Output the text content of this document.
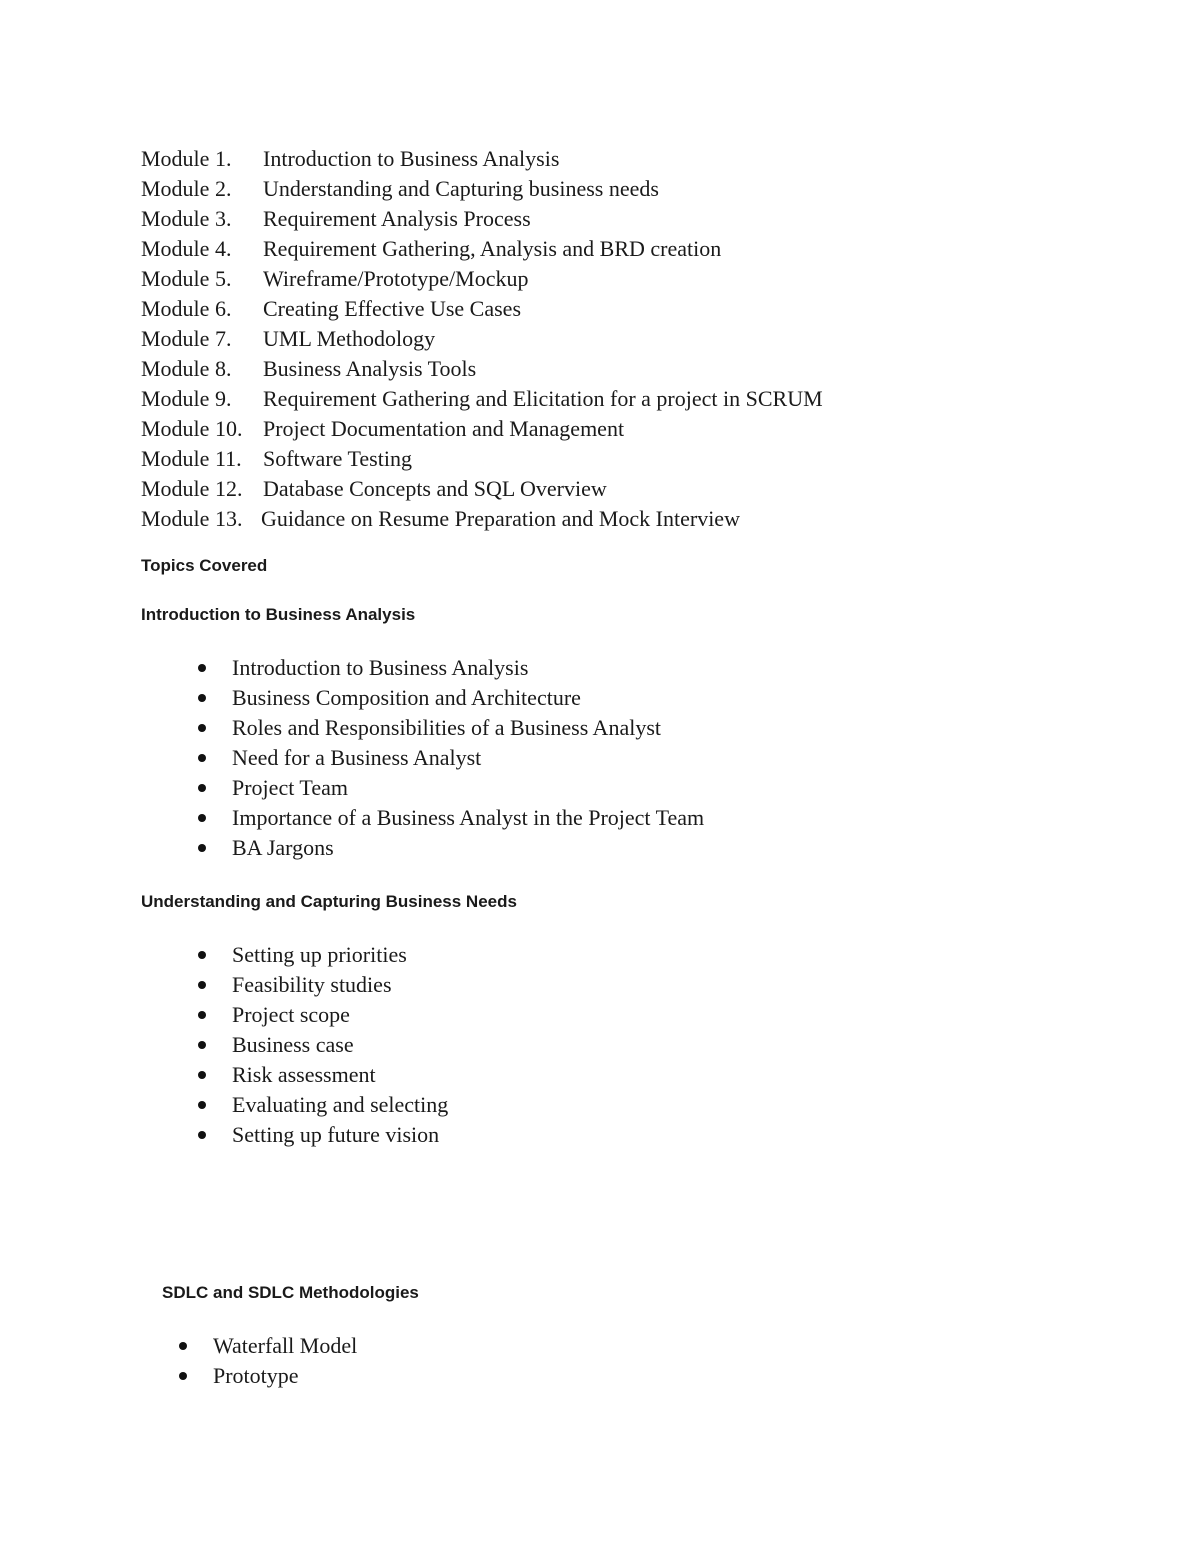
Module 1.	Introduction to Business Analysis
Module 2.	Understanding and Capturing business needs
Module 3.	Requirement Analysis Process
Module 4.	Requirement Gathering, Analysis and BRD creation
Module 5.	Wireframe/Prototype/Mockup
Module 6.	Creating Effective Use Cases
Module 7.	UML Methodology
Module 8.	Business Analysis Tools
Module 9.	Requirement Gathering and Elicitation for a project in SCRUM
Module 10. Project Documentation and Management
Module 11. Software Testing
Module 12. Database Concepts and SQL Overview
Module 13. Guidance on Resume Preparation and Mock Interview
Topics Covered
Introduction to Business Analysis
Introduction to Business Analysis
Business Composition and Architecture
Roles and Responsibilities of a Business Analyst
Need for a Business Analyst
Project Team
Importance of a Business Analyst in the Project Team
BA Jargons
Understanding and Capturing Business Needs
Setting up priorities
Feasibility studies
Project scope
Business case
Risk assessment
Evaluating and selecting
Setting up future vision
SDLC and SDLC Methodologies
Waterfall Model
Prototype
